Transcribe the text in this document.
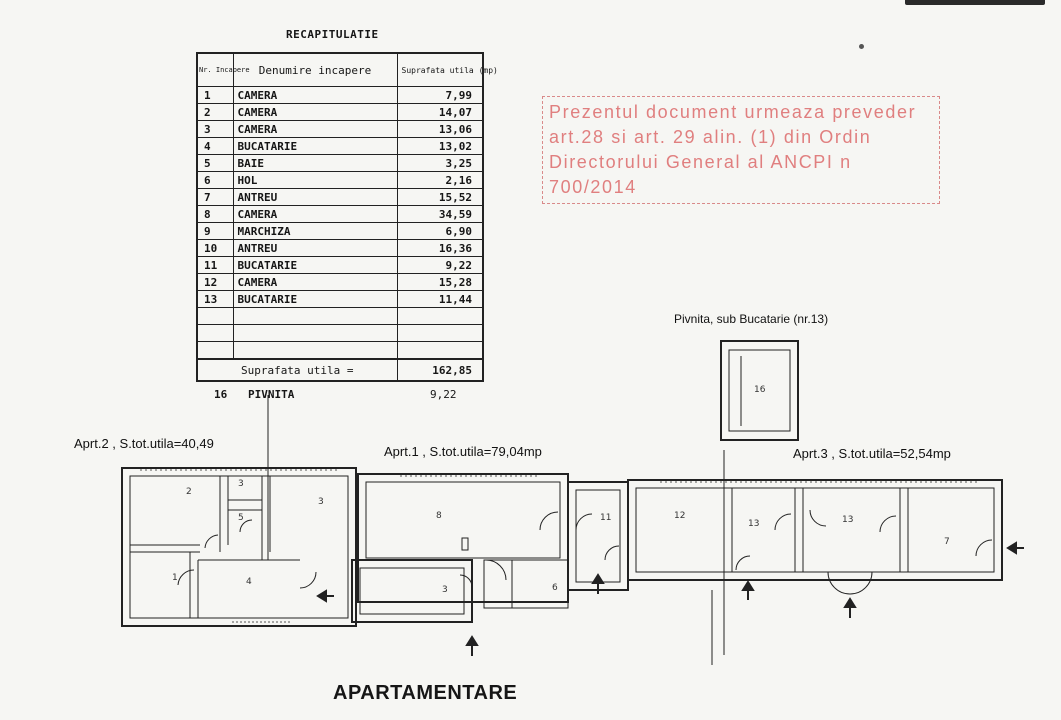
RECAPITULATIE
Nr. Incapere	Denumire incapere	Suprafata utila (mp)
1	CAMERA	7,99
2	CAMERA	14,07
3	CAMERA	13,06
4	BUCATARIE	13,02
5	BAIE	3,25
6	HOL	2,16
7	ANTREU	15,52
8	CAMERA	34,59
9	MARCHIZA	6,90
10	ANTREU	16,36
11	BUCATARIE	9,22
12	CAMERA	15,28
13	BUCATARIE	11,44

Suprafata utila =		162,85
16 PIVNITA	9,22
Prezentul document urmeaza preveder
art.28 si art. 29 alin. (1) din Ordin
Directorului General al ANCPI n
700/2014
Pivnita, sub Bucatarie (nr.13)
Aprt.2 , S.tot.utila=40,49
Aprt.1 , S.tot.utila=79,04mp	Aprt.3 , S.tot.utila=52,54mp
2
3
5
1	4
3
8
3	6
11	12
13	13
7
16
APARTAMENTARE
